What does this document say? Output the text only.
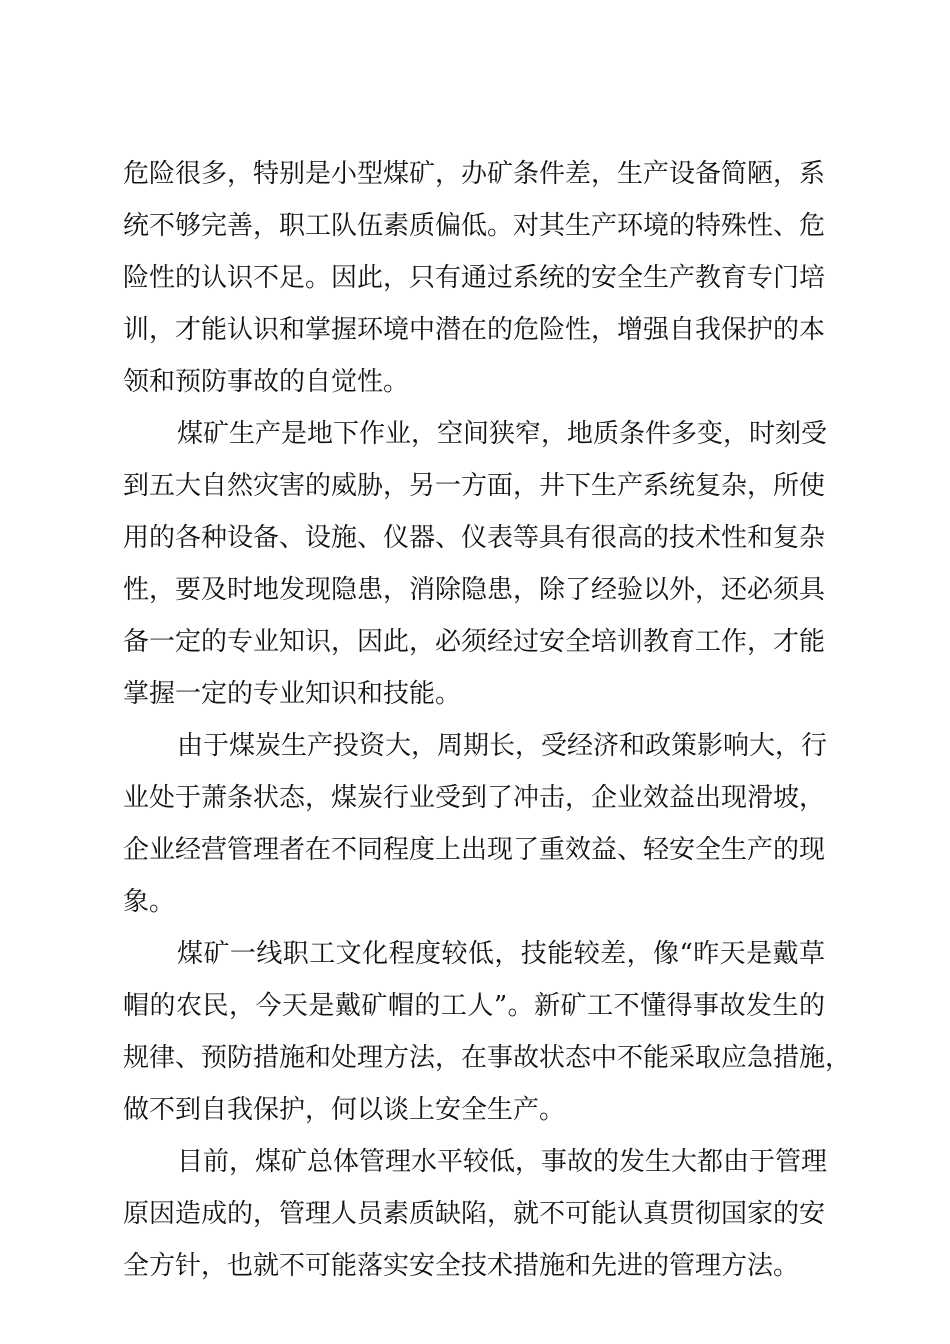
危险很多，特别是小型煤矿，办矿条件差，生产设备简陋，系
统不够完善，职工队伍素质偏低。对其生产环境的特殊性、危
险性的认识不足。因此，只有通过系统的安全生产教育专门培
训，才能认识和掌握环境中潜在的危险性，增强自我保护的本
领和预防事故的自觉性。
煤矿生产是地下作业，空间狭窄，地质条件多变，时刻受
到五大自然灾害的威胁，另一方面，井下生产系统复杂，所使
用的各种设备、设施、仪器、仪表等具有很高的技术性和复杂
性，要及时地发现隐患，消除隐患，除了经验以外，还必须具
备一定的专业知识，因此，必须经过安全培训教育工作，才能
掌握一定的专业知识和技能。
由于煤炭生产投资大，周期长，受经济和政策影响大，行
业处于萧条状态，煤炭行业受到了冲击，企业效益出现滑坡，
企业经营管理者在不同程度上出现了重效益、轻安全生产的现
象。
煤矿一线职工文化程度较低，技能较差，像“昨天是戴草
帽的农民，今天是戴矿帽的工人”。新矿工不懂得事故发生的
规律、预防措施和处理方法，在事故状态中不能采取应急措施，
做不到自我保护，何以谈上安全生产。
目前，煤矿总体管理水平较低，事故的发生大都由于管理
原因造成的，管理人员素质缺陷，就不可能认真贯彻国家的安
全方针，也就不可能落实安全技术措施和先进的管理方法。
